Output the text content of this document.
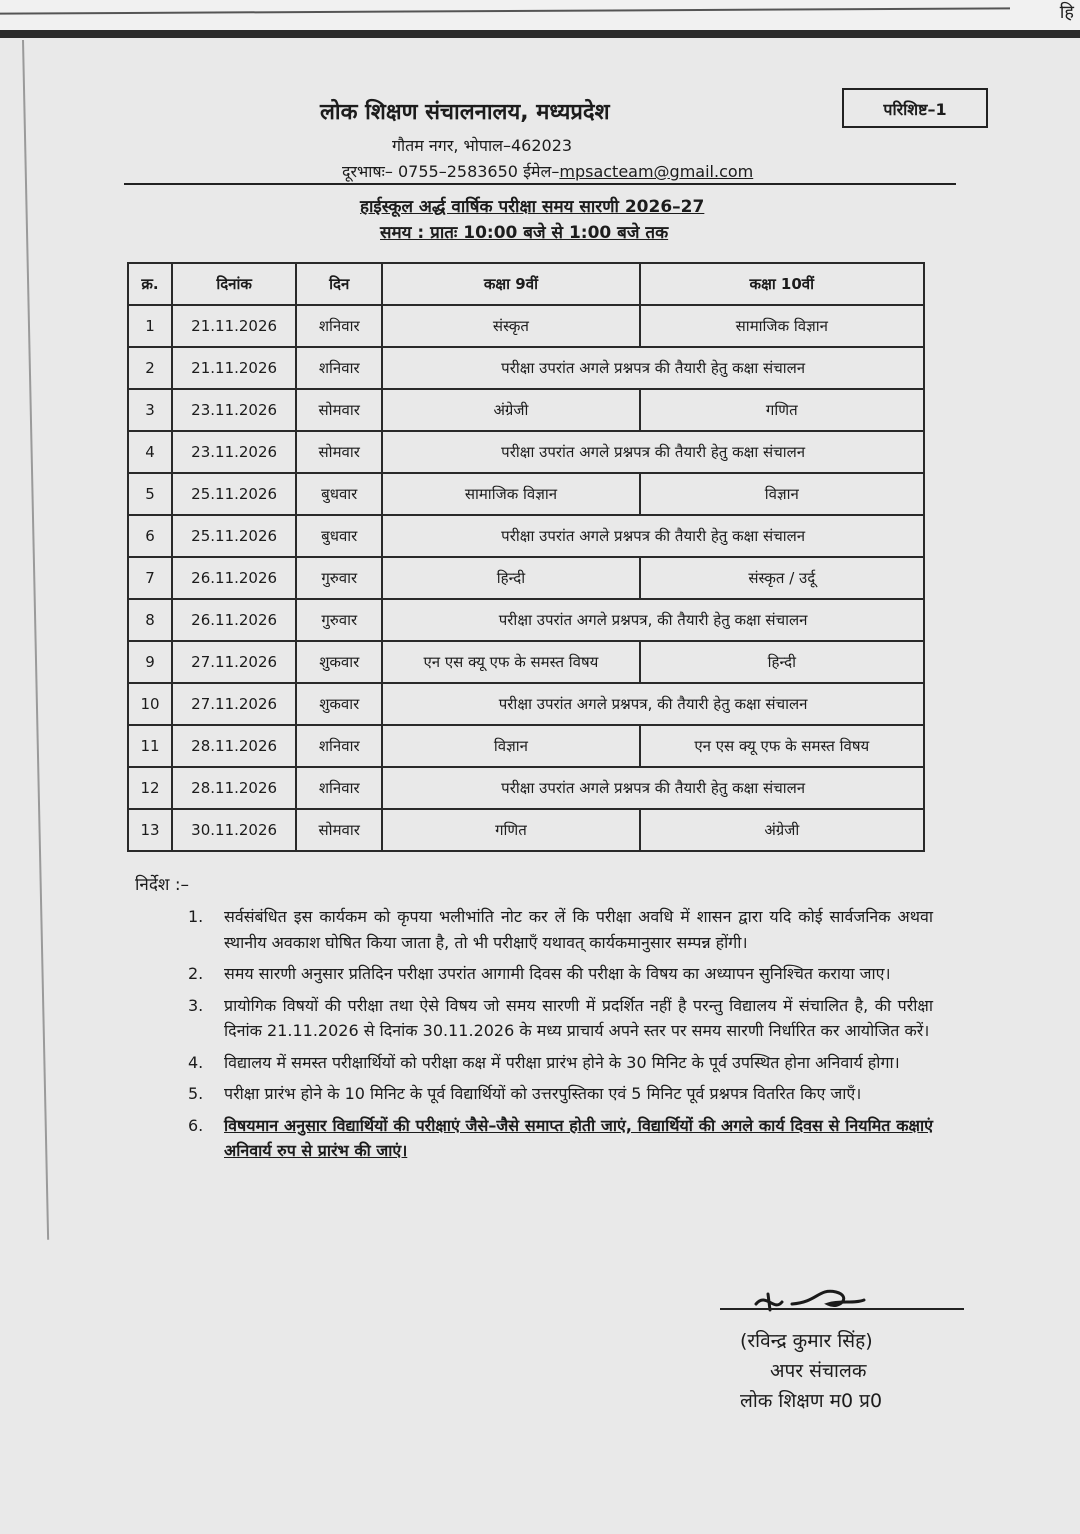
हि
लोक शिक्षण संचालनालय, मध्यप्रदेश
गौतम नगर, भोपाल–462023
दूरभाषः– 0755–2583650 ईमेल–mpsacteam@gmail.com
परिशिष्ट–1
हाईस्कूल अर्द्ध वार्षिक परीक्षा समय सारणी 2026–27
समय : प्रातः 10:00 बजे से 1:00 बजे तक
क्र.	दिनांक	दिन	कक्षा 9वीं	कक्षा 10वीं
1	21.11.2026	शनिवार	संस्कृत	सामाजिक विज्ञान
2	21.11.2026	शनिवार	परीक्षा उपरांत अगले प्रश्नपत्र की तैयारी हेतु कक्षा संचालन	
3	23.11.2026	सोमवार	अंग्रेजी	गणित
4	23.11.2026	सोमवार	परीक्षा उपरांत अगले प्रश्नपत्र की तैयारी हेतु कक्षा संचालन	
5	25.11.2026	बुधवार	सामाजिक विज्ञान	विज्ञान
6	25.11.2026	बुधवार	परीक्षा उपरांत अगले प्रश्नपत्र की तैयारी हेतु कक्षा संचालन	
7	26.11.2026	गुरुवार	हिन्दी	संस्कृत / उर्दू
8	26.11.2026	गुरुवार	परीक्षा उपरांत अगले प्रश्नपत्र, की तैयारी हेतु कक्षा संचालन	
9	27.11.2026	शुकवार	एन एस क्यू एफ के समस्त विषय	हिन्दी
10	27.11.2026	शुकवार	परीक्षा उपरांत अगले प्रश्नपत्र, की तैयारी हेतु कक्षा संचालन	
11	28.11.2026	शनिवार	विज्ञान	एन एस क्यू एफ के समस्त विषय
12	28.11.2026	शनिवार	परीक्षा उपरांत अगले प्रश्नपत्र की तैयारी हेतु कक्षा संचालन	
13	30.11.2026	सोमवार	गणित	अंग्रेजी
निर्देश :–
1.	सर्वसंबंधित इस कार्यकम को कृपया भलीभांति नोट कर लें कि परीक्षा अवधि में शासन द्वारा यदि कोई सार्वजनिक अथवा स्थानीय अवकाश घोषित किया जाता है, तो भी परीक्षाएँ यथावत् कार्यकमानुसार सम्पन्न होंगी।
2.	समय सारणी अनुसार प्रतिदिन परीक्षा उपरांत आगामी दिवस की परीक्षा के विषय का अध्यापन सुनिश्चित कराया जाए।
3.	प्रायोगिक विषयों की परीक्षा तथा ऐसे विषय जो समय सारणी में प्रदर्शित नहीं है परन्तु विद्यालय में संचालित है, की परीक्षा दिनांक 21.11.2026 से दिनांक 30.11.2026 के मध्य प्राचार्य अपने स्तर पर समय सारणी निर्धारित कर आयोजित करें।
4.	विद्यालय में समस्त परीक्षार्थियों को परीक्षा कक्ष में परीक्षा प्रारंभ होने के 30 मिनिट के पूर्व उपस्थित होना अनिवार्य होगा।
5.	परीक्षा प्रारंभ होने के 10 मिनिट के पूर्व विद्यार्थियों को उत्तरपुस्तिका एवं 5 मिनिट पूर्व प्रश्नपत्र वितरित किए जाएँ।
6.	विषयमान अनुसार विद्यार्थियों की परीक्षाएं जैसे–जैसे समाप्त होती जाएं, विद्यार्थियों की अगले कार्य दिवस से नियमित कक्षाएं अनिवार्य रुप से प्रारंभ की जाएं।
(रविन्द्र कुमार सिंह)
अपर संचालक
लोक शिक्षण म0 प्र0
